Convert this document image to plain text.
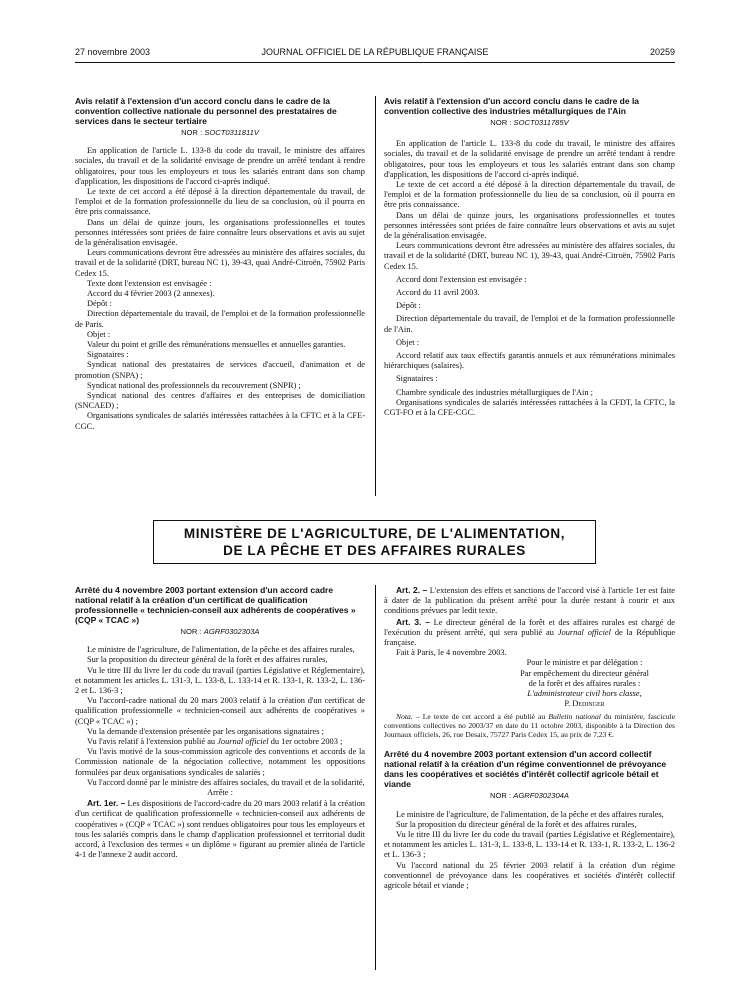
27 novembre 2003	JOURNAL OFFICIEL DE LA RÉPUBLIQUE FRANÇAISE	20259
Avis relatif à l'extension d'un accord conclu dans le cadre de la convention collective nationale du personnel des prestataires de services dans le secteur tertiaire
NOR : SOCT0311811V

En application de l'article L. 133-8 du code du travail, le ministre des affaires sociales, du travail et de la solidarité envisage de prendre un arrêté tendant à rendre obligatoires, pour tous les employeurs et tous les salariés entrant dans son champ d'application, les dispositions de l'accord ci-après indiqué.

Le texte de cet accord a été déposé à la direction départementale du travail, de l'emploi et de la formation professionnelle du lieu de sa conclusion, où il pourra en être pris connaissance.

Dans un délai de quinze jours, les organisations professionnelles et toutes personnes intéressées sont priées de faire connaître leurs observations et avis au sujet de la généralisation envisagée.

Leurs communications devront être adressées au ministère des affaires sociales, du travail et de la solidarité (DRT, bureau NC 1), 39-43, quai André-Citroën, 75902 Paris Cedex 15.

Texte dont l'extension est envisagée :

Accord du 4 février 2003 (2 annexes).

Dépôt :

Direction départementale du travail, de l'emploi et de la formation professionnelle de Paris.

Objet :

Valeur du point et grille des rémunérations mensuelles et annuelles garanties.

Signataires :

Syndicat national des prestataires de services d'accueil, d'animation et de promotion (SNPA) ;

Syndicat national des professionnels du recouvrement (SNPR) ;

Syndicat national des centres d'affaires et des entreprises de domiciliation (SNCAED) ;

Organisations syndicales de salariés intéressées rattachées à la CFTC et à la CFE-CGC.

Avis relatif à l'extension d'un accord conclu dans le cadre de la convention collective des industries métallurgiques de l'Ain
NOR : SOCT0311785V

En application de l'article L. 133-8 du code du travail, le ministre des affaires sociales, du travail et de la solidarité envisage de prendre un arrêté tendant à rendre obligatoires, pour tous les employeurs et tous les salariés entrant dans son champ d'application, les dispositions de l'accord ci-après indiqué.

Le texte de cet accord a été déposé à la direction départementale du travail, de l'emploi et de la formation professionnelle du lieu de sa conclusion, où il pourra en être pris connaissance.

Dans un délai de quinze jours, les organisations professionnelles et toutes personnes intéressées sont priées de faire connaître leurs observations et avis au sujet de la généralisation envisagée.

Leurs communications devront être adressées au ministère des affaires sociales, du travail et de la solidarité (DRT, bureau NC 1), 39-43, quai André-Citroën, 75902 Paris Cedex 15.

Accord dont l'extension est envisagée :

Accord du 11 avril 2003.

Dépôt :

Direction départementale du travail, de l'emploi et de la formation professionnelle de l'Ain.

Objet :

Accord relatif aux taux effectifs garantis annuels et aux rémunérations minimales hiérarchiques (salaires).

Signataires :

Chambre syndicale des industries métallurgiques de l'Ain ;

Organisations syndicales de salariés intéressées rattachées à la CFDT, la CFTC, la CGT-FO et à la CFE-CGC.

MINISTÈRE DE L'AGRICULTURE, DE L'ALIMENTATION,
DE LA PÊCHE ET DES AFFAIRES RURALES
Arrêté du 4 novembre 2003 portant extension d'un accord cadre national relatif à la création d'un certificat de qualification professionnelle « technicien-conseil aux adhérents de coopératives » (CQP « TCAC »)
NOR : AGRF0302303A

Le ministre de l'agriculture, de l'alimentation, de la pêche et des affaires rurales,

Sur la proposition du directeur général de la forêt et des affaires rurales,

Vu le titre III du livre Ier du code du travail (parties Législative et Réglementaire), et notamment les articles L. 131-3, L. 133-8, L. 133-14 et R. 133-1, R. 133-2, L. 136-2 et L. 136-3 ;

Vu l'accord-cadre national du 20 mars 2003 relatif à la création d'un certificat de qualification professionnelle « technicien-conseil aux adhérents de coopératives » (CQP « TCAC ») ;

Vu la demande d'extension présentée par les organisations signataires ;

Vu l'avis relatif à l'extension publié au Journal officiel du 1er octobre 2003 ;

Vu l'avis motivé de la sous-commission agricole des conventions et accords de la Commission nationale de la négociation collective, notamment les oppositions formulées par deux organisations syndicales de salariés ;

Vu l'accord donné par le ministre des affaires sociales, du travail et de la solidarité,

Arrête :

Art. 1er. – Les dispositions de l'accord-cadre du 20 mars 2003 relatif à la création d'un certificat de qualification professionnelle « technicien-conseil aux adhérents de coopératives » (CQP « TCAC ») sont rendues obligatoires pour tous les employeurs et tous les salariés compris dans le champ d'application professionnel et territorial dudit accord, à l'exclusion des termes « un diplôme » figurant au premier alinéa de l'article 4-1 de l'annexe 2 audit accord.

Art. 2. – L'extension des effets et sanctions de l'accord visé à l'article 1er est faite à dater de la publication du présent arrêté pour la durée restant à courir et aux conditions prévues par ledit texte.

Art. 3. – Le directeur général de la forêt et des affaires rurales est chargé de l'exécution du présent arrêté, qui sera publié au Journal officiel de la République française.

Fait à Paris, le 4 novembre 2003.

Pour le ministre et par délégation :
Par empêchement du directeur général
de la forêt et des affaires rurales :
L'administrateur civil hors classe,
P. Dedinger

Nota. – Le texte de cet accord a été publié au Bulletin national du ministère, fascicule conventions collectives no 2003/37 en date du 11 octobre 2003, disponible à la Direction des Journaux officiels, 26, rue Desaix, 75727 Paris Cedex 15, au prix de 7,23 €.

Arrêté du 4 novembre 2003 portant extension d'un accord collectif national relatif à la création d'un régime conventionnel de prévoyance dans les coopératives et sociétés d'intérêt collectif agricole bétail et viande
NOR : AGRF0302304A

Le ministre de l'agriculture, de l'alimentation, de la pêche et des affaires rurales,

Sur la proposition du directeur général de la forêt et des affaires rurales,

Vu le titre III du livre Ier du code du travail (parties Législative et Réglementaire), et notamment les articles L. 131-3, L. 133-8, L. 133-14 et R. 133-1, R. 133-2, L. 136-2 et L. 136-3 ;

Vu l'accord national du 25 février 2003 relatif à la création d'un régime conventionnel de prévoyance dans les coopératives et sociétés d'intérêt collectif agricole bétail et viande ;
